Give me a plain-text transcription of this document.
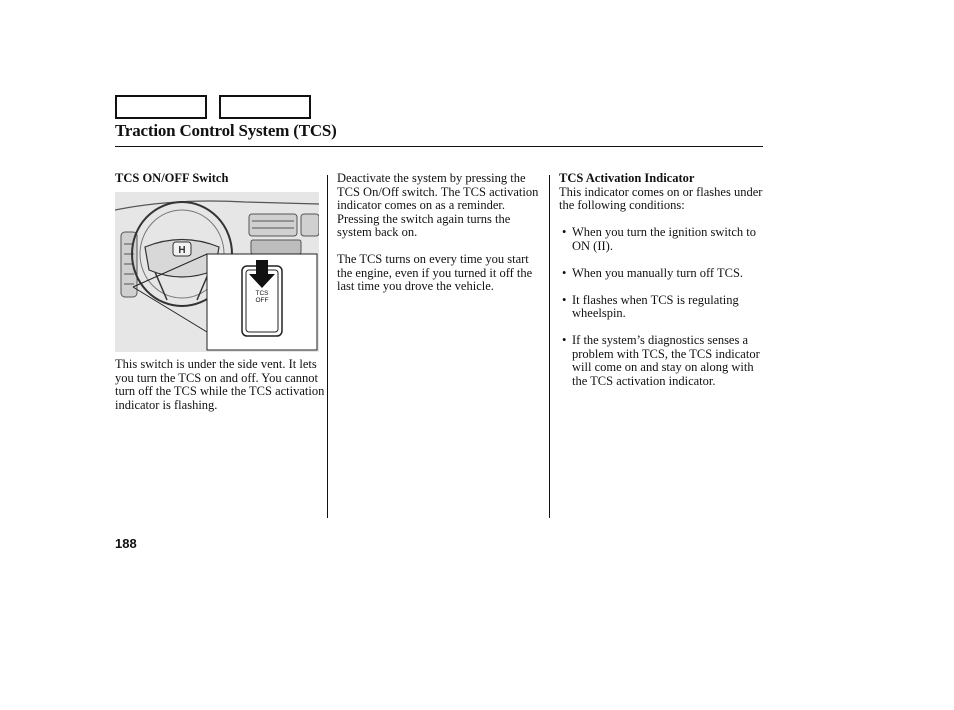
Traction Control System (TCS)

TCS ON/OFF Switch

H
TCS
OFF

This switch is under the side vent. It lets you turn the TCS on and off. You cannot turn off the TCS while the TCS activation indicator is flashing.

Deactivate the system by pressing the TCS On/Off switch. The TCS activation indicator comes on as a reminder. Pressing the switch again turns the system back on.

The TCS turns on every time you start the engine, even if you turned it off the last time you drove the vehicle.

TCS Activation Indicator

This indicator comes on or flashes under the following conditions:

• When you turn the ignition switch to ON (II).
• When you manually turn off TCS.
• It flashes when TCS is regulating wheelspin.
• If the system’s diagnostics senses a problem with TCS, the TCS indicator will come on and stay on along with the TCS activation indicator.
188
